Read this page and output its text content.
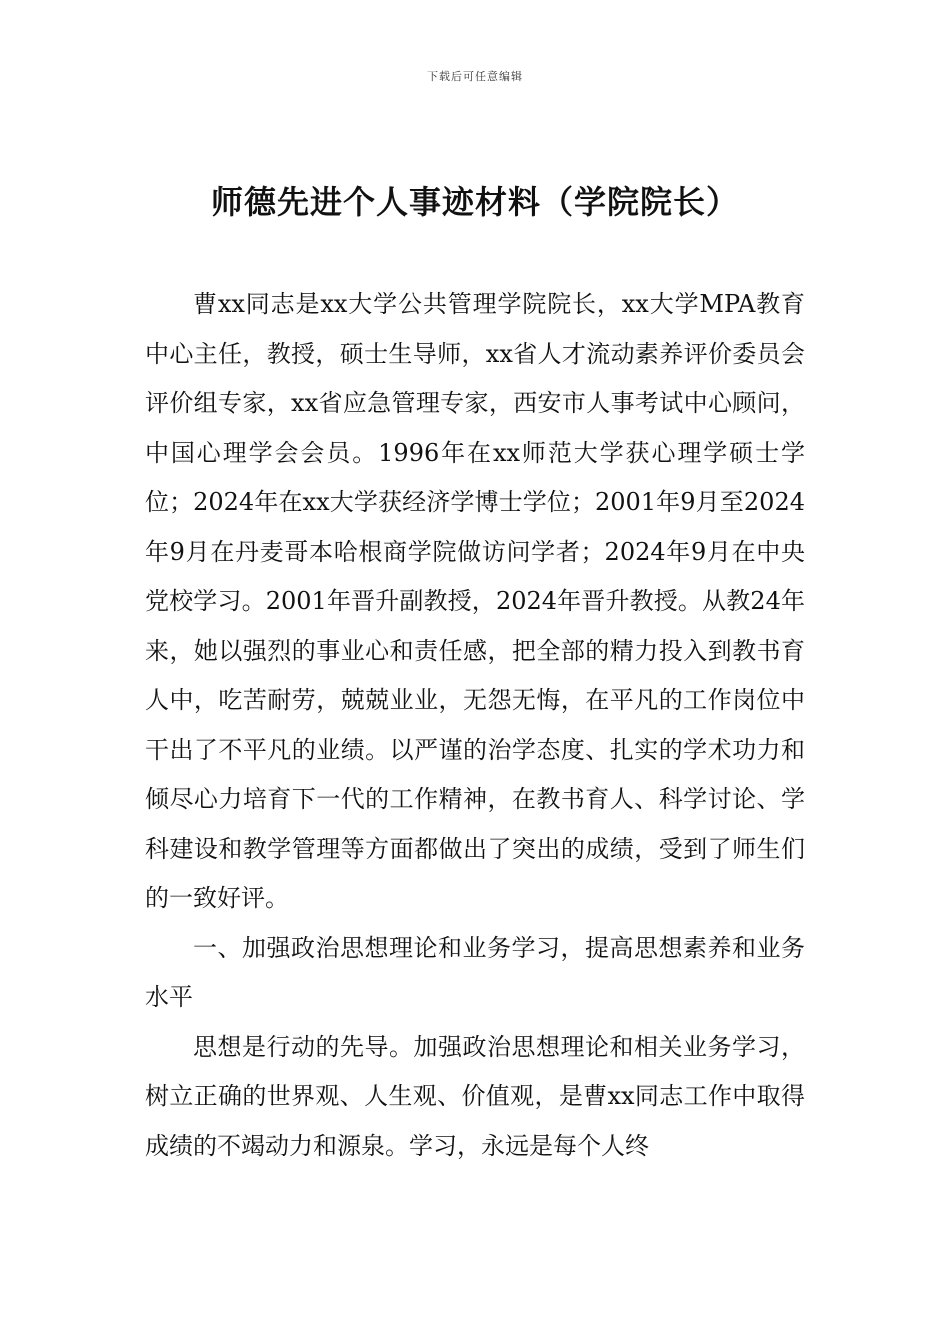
下载后可任意编辑
师德先进个人事迹材料（学院院长）

曹xx同志是xx大学公共管理学院院长，xx大学MPA教育中心主任，教授，硕士生导师，xx省人才流动素养评价委员会评价组专家，xx省应急管理专家，西安市人事考试中心顾问，中国心理学会会员。1996年在xx师范大学获心理学硕士学位；2024年在xx大学获经济学博士学位；2001年9月至2024年9月在丹麦哥本哈根商学院做访问学者；2024年9月在中央党校学习。2001年晋升副教授，2024年晋升教授。从教24年来，她以强烈的事业心和责任感，把全部的精力投入到教书育人中，吃苦耐劳，兢兢业业，无怨无悔，在平凡的工作岗位中干出了不平凡的业绩。以严谨的治学态度、扎实的学术功力和倾尽心力培育下一代的工作精神，在教书育人、科学讨论、学科建设和教学管理等方面都做出了突出的成绩，受到了师生们的一致好评。

一、加强政治思想理论和业务学习，提高思想素养和业务水平

思想是行动的先导。加强政治思想理论和相关业务学习，树立正确的世界观、人生观、价值观，是曹xx同志工作中取得成绩的不竭动力和源泉。学习，永远是每个人终
